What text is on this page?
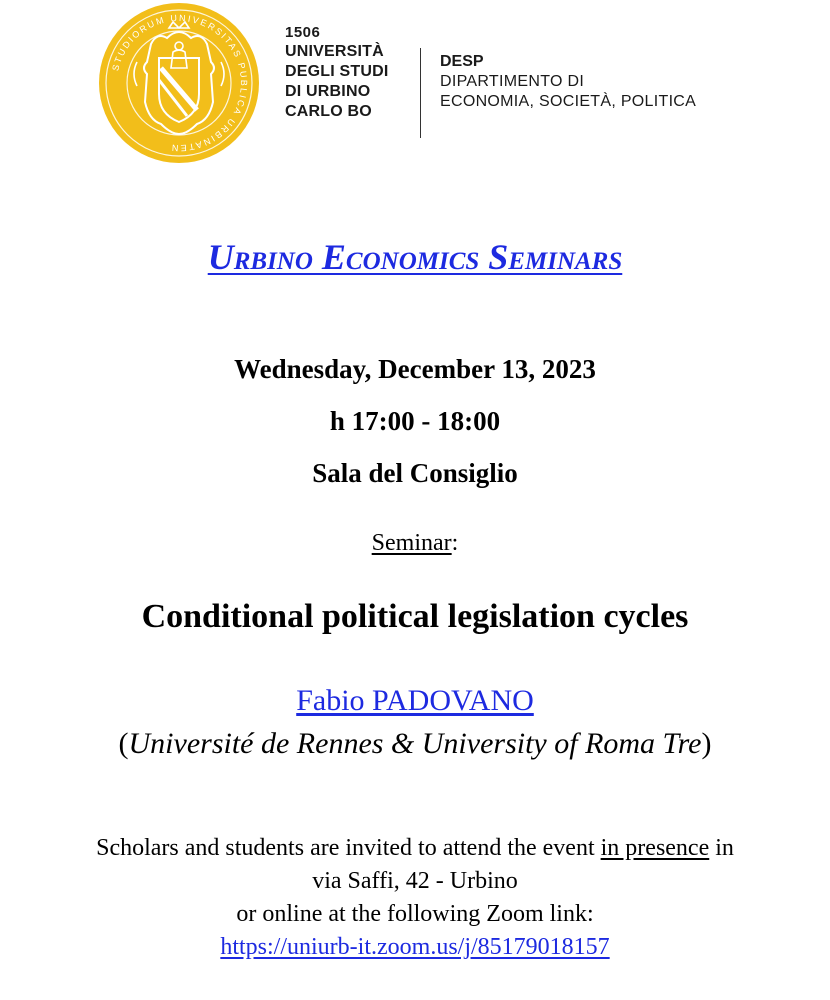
STUDIORUM UNIVERSITAS PUBLICA URBINATEN
1506
UNIVERSITÀ
DEGLI STUDI
DI URBINO
CARLO BO
DESP
DIPARTIMENTO DI
ECONOMIA, SOCIETÀ, POLITICA
Urbino Economics Seminars
Wednesday, December 13, 2023
h 17:00 - 18:00
Sala del Consiglio
Seminar:
Conditional political legislation cycles
Fabio PADOVANO
(Université de Rennes & University of Roma Tre)
Scholars and students are invited to attend the event in presence in
via Saffi, 42 - Urbino
or online at the following Zoom link:
https://uniurb-it.zoom.us/j/85179018157
